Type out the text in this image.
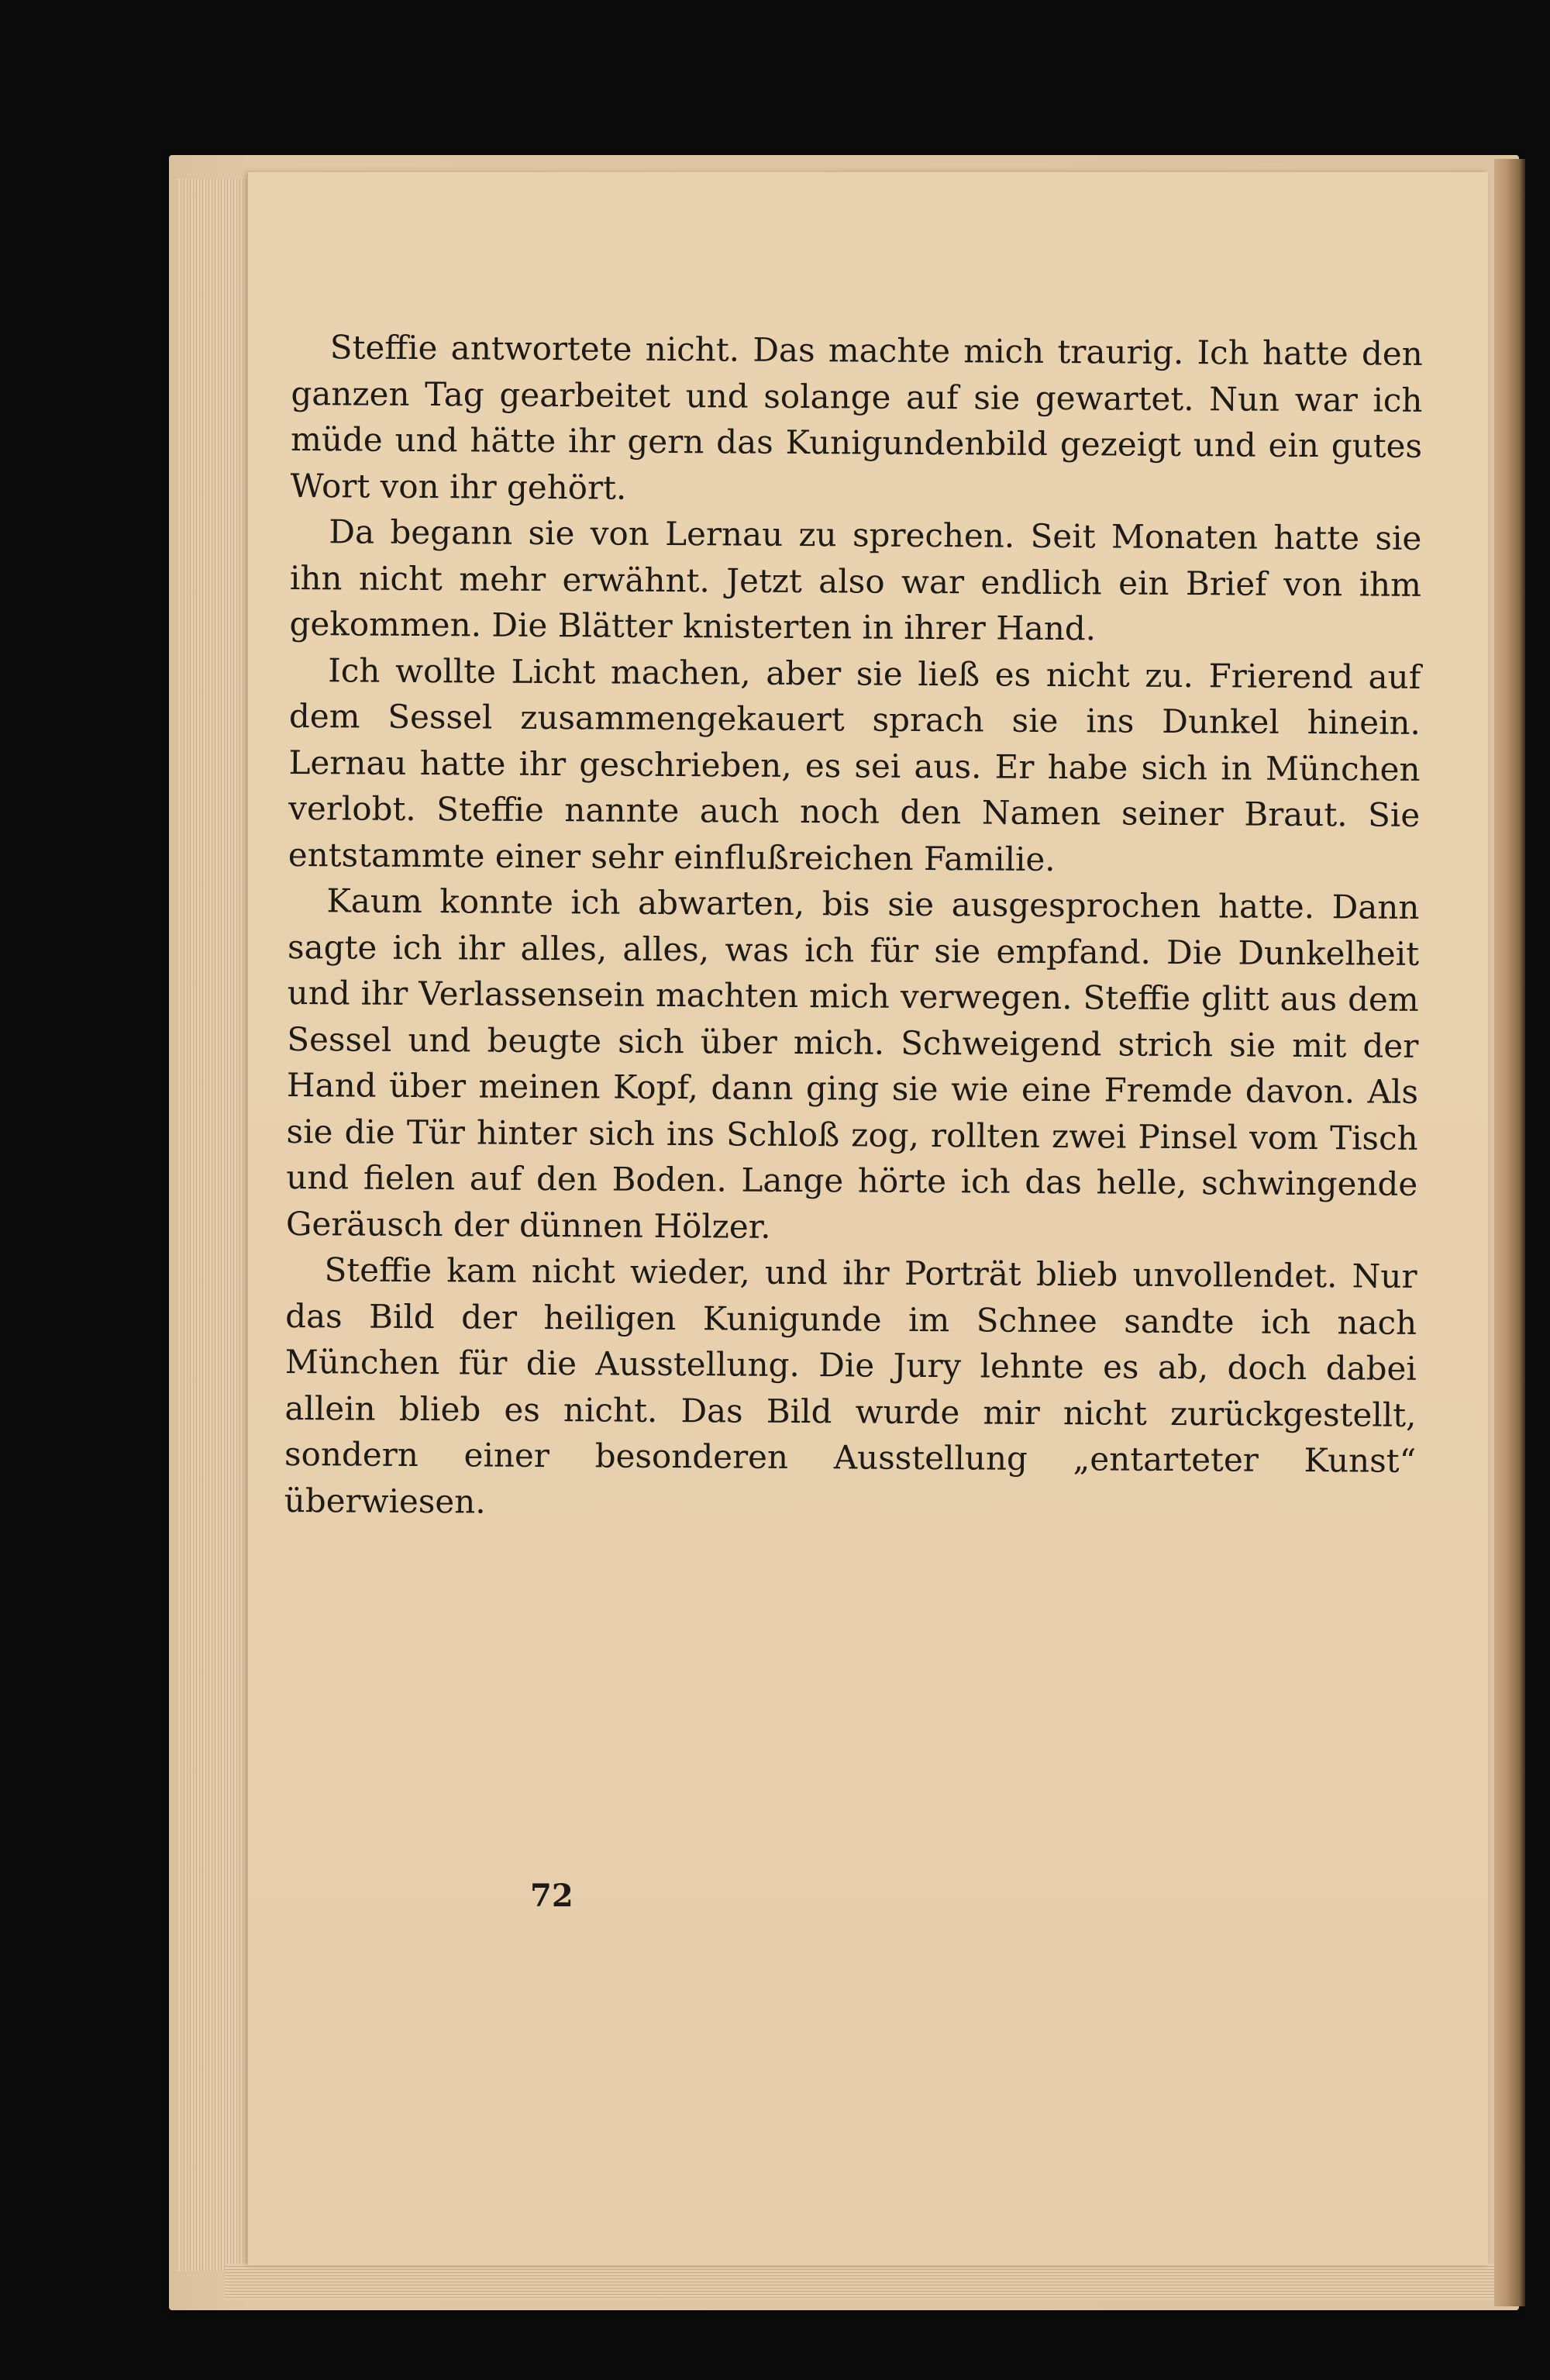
Steffie antwortete nicht. Das machte mich traurig. Ich hatte den ganzen Tag gearbeitet und solange auf sie gewartet. Nun war ich müde und hätte ihr gern das Kunigundenbild gezeigt und ein gutes Wort von ihr gehört.

Da begann sie von Lernau zu sprechen. Seit Monaten hatte sie ihn nicht mehr erwähnt. Jetzt also war endlich ein Brief von ihm gekommen. Die Blätter knisterten in ihrer Hand.

Ich wollte Licht machen, aber sie ließ es nicht zu. Frierend auf dem Sessel zusammengekauert sprach sie ins Dunkel hinein. Lernau hatte ihr geschrieben, es sei aus. Er habe sich in München verlobt. Steffie nannte auch noch den Namen seiner Braut. Sie entstammte einer sehr einflußreichen Familie.

Kaum konnte ich abwarten, bis sie ausgesprochen hatte. Dann sagte ich ihr alles, alles, was ich für sie empfand. Die Dunkelheit und ihr Verlassensein machten mich verwegen. Steffie glitt aus dem Sessel und beugte sich über mich. Schweigend strich sie mit der Hand über meinen Kopf, dann ging sie wie eine Fremde davon. Als sie die Tür hinter sich ins Schloß zog, rollten zwei Pinsel vom Tisch und fielen auf den Boden. Lange hörte ich das helle, schwingende Geräusch der dünnen Hölzer.

Steffie kam nicht wieder, und ihr Porträt blieb unvollendet. Nur das Bild der heiligen Kunigunde im Schnee sandte ich nach München für die Ausstellung. Die Jury lehnte es ab, doch dabei allein blieb es nicht. Das Bild wurde mir nicht zurückgestellt, sondern einer besonderen Ausstellung „entarteter Kunst“ überwiesen.

72
